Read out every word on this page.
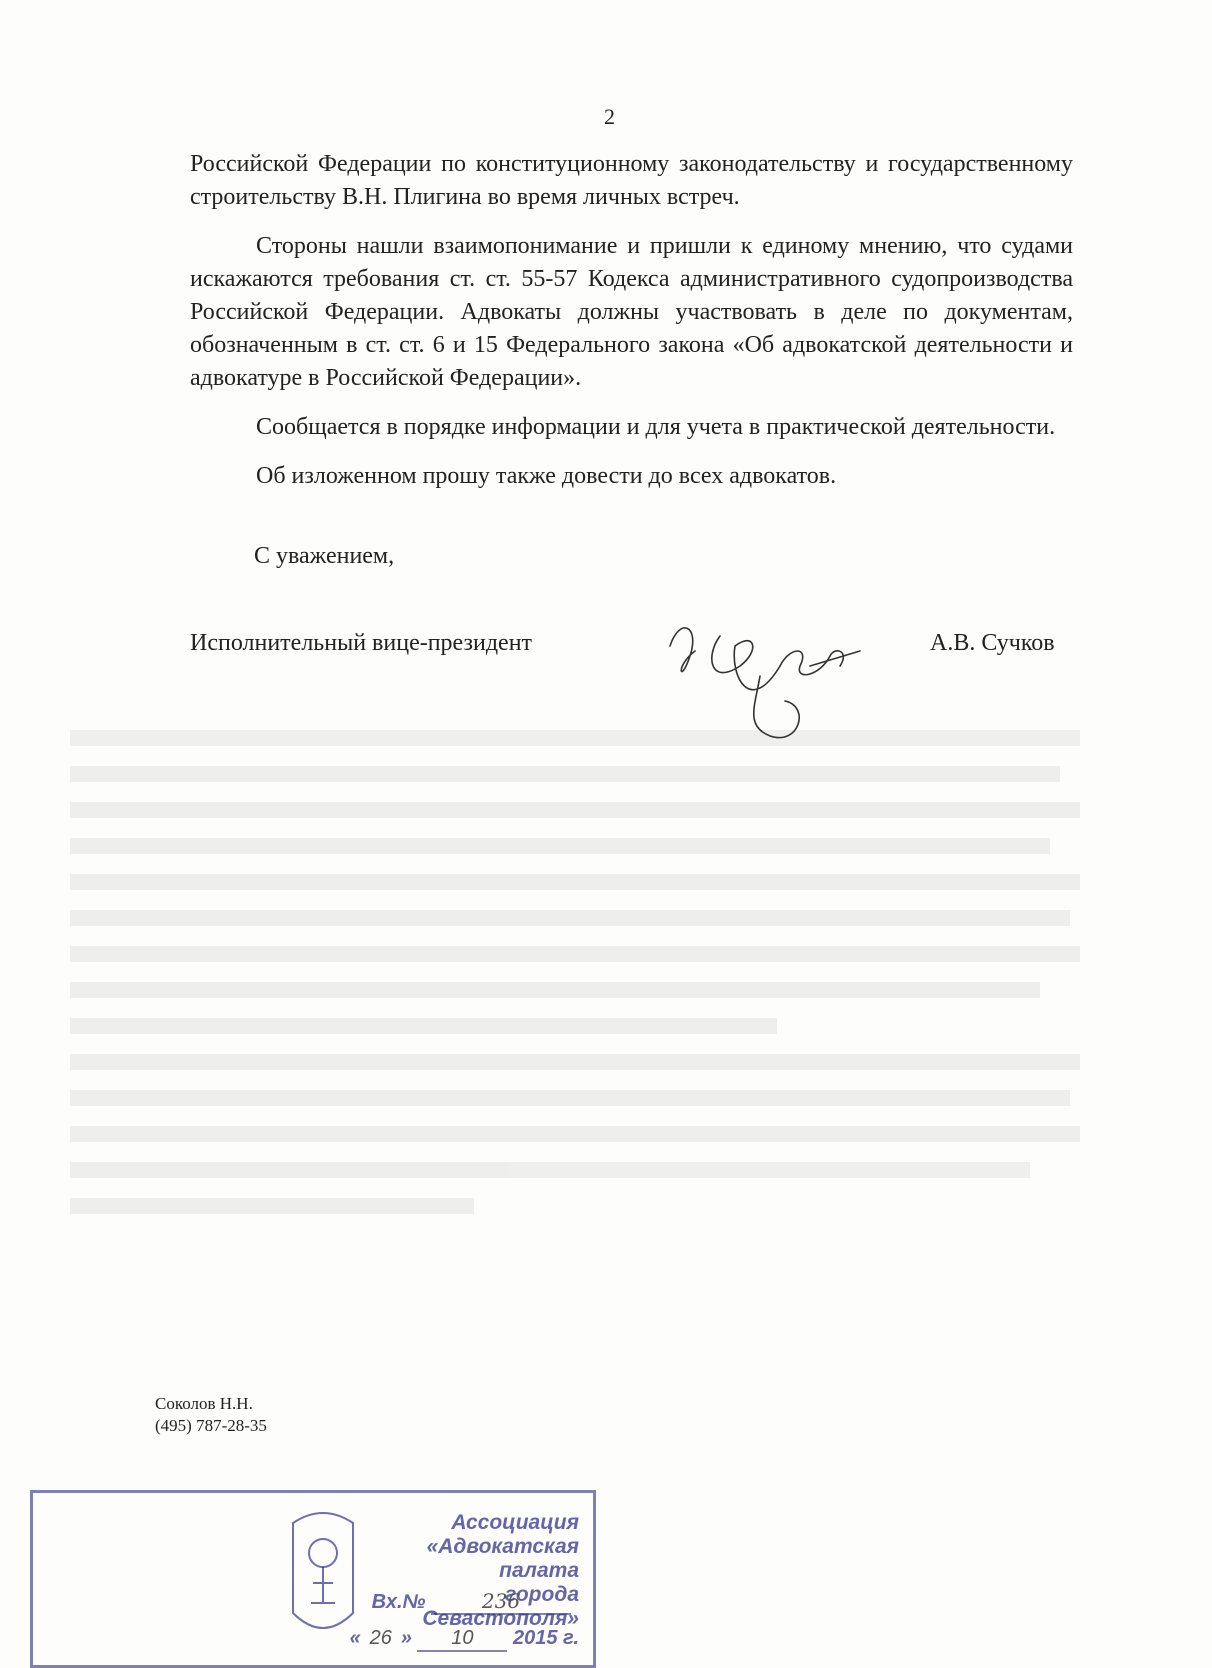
2

Российской Федерации по конституционному законодательству и государственному строительству В.Н. Плигина во время личных встреч.

Стороны нашли взаимопонимание и пришли к единому мнению, что судами искажаются требования ст. ст. 55-57 Кодекса административного судопроизводства Российской Федерации. Адвокаты должны участвовать в деле по документам, обозначенным в ст. ст. 6 и 15 Федерального закона «Об адвокатской деятельности и адвокатуре в Российской Федерации».

Сообщается в порядке информации и для учета в практической деятельности.

Об изложенном прошу также довести до всех адвокатов.

С уважением,
Исполнительный вице-президент	А.В. Сучков
Соколов Н.Н.
(495) 787-28-35
Ассоциация
«Адвокатская палата
города Севастополя»
Вх.№	236
« 26 » 10 2015 г.
